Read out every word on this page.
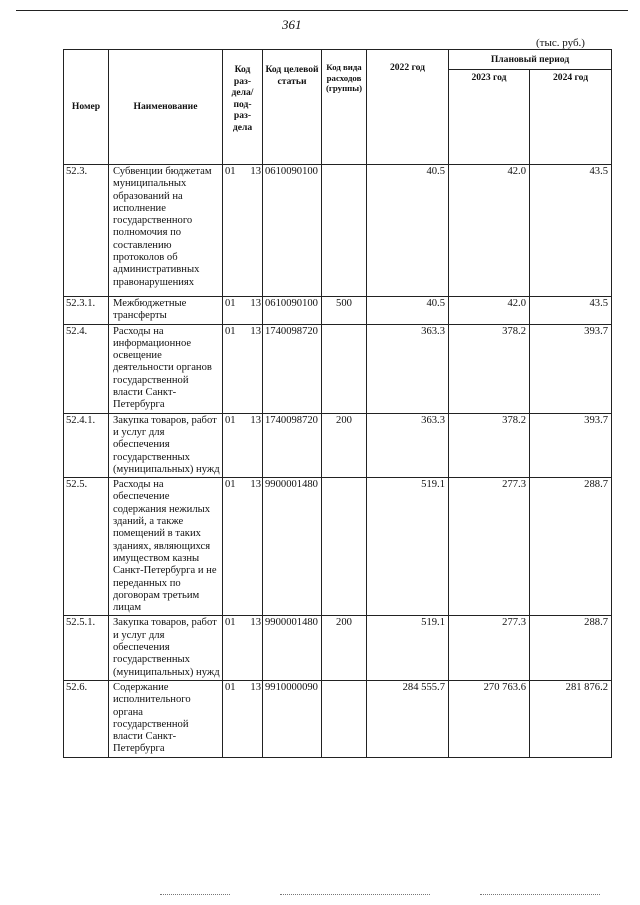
361
(тыс. руб.)
Номер	Наименование	Код раз-дела/ под-раз-дела	Код целевой статьи	Код вида расходов (группы)	2022 год	Плановый период	
						2023 год	2024 год
52.3.	Субвенции бюджетам муниципальных образований на исполнение государственного полномочия по составлению протоколов об административных правонарушениях	01 13	0610090100		40.5	42.0	43.5
52.3.1.	Межбюджетные трансферты	01 13	0610090100	500	40.5	42.0	43.5
52.4.	Расходы на информационное освещение деятельности органов государственной власти Санкт-Петербурга	01 13	1740098720		363.3	378.2	393.7
52.4.1.	Закупка товаров, работ и услуг для обеспечения государственных (муниципальных) нужд	01 13	1740098720	200	363.3	378.2	393.7
52.5.	Расходы на обеспечение содержания нежилых зданий, а также помещений в таких зданиях, являющихся имуществом казны Санкт-Петербурга и не переданных по договорам третьим лицам	01 13	9900001480		519.1	277.3	288.7
52.5.1.	Закупка товаров, работ и услуг для обеспечения государственных (муниципальных) нужд	01 13	9900001480	200	519.1	277.3	288.7
52.6.	Содержание исполнительного органа государственной власти Санкт-Петербурга	01 13	9910000090		284 555.7	270 763.6	281 876.2
